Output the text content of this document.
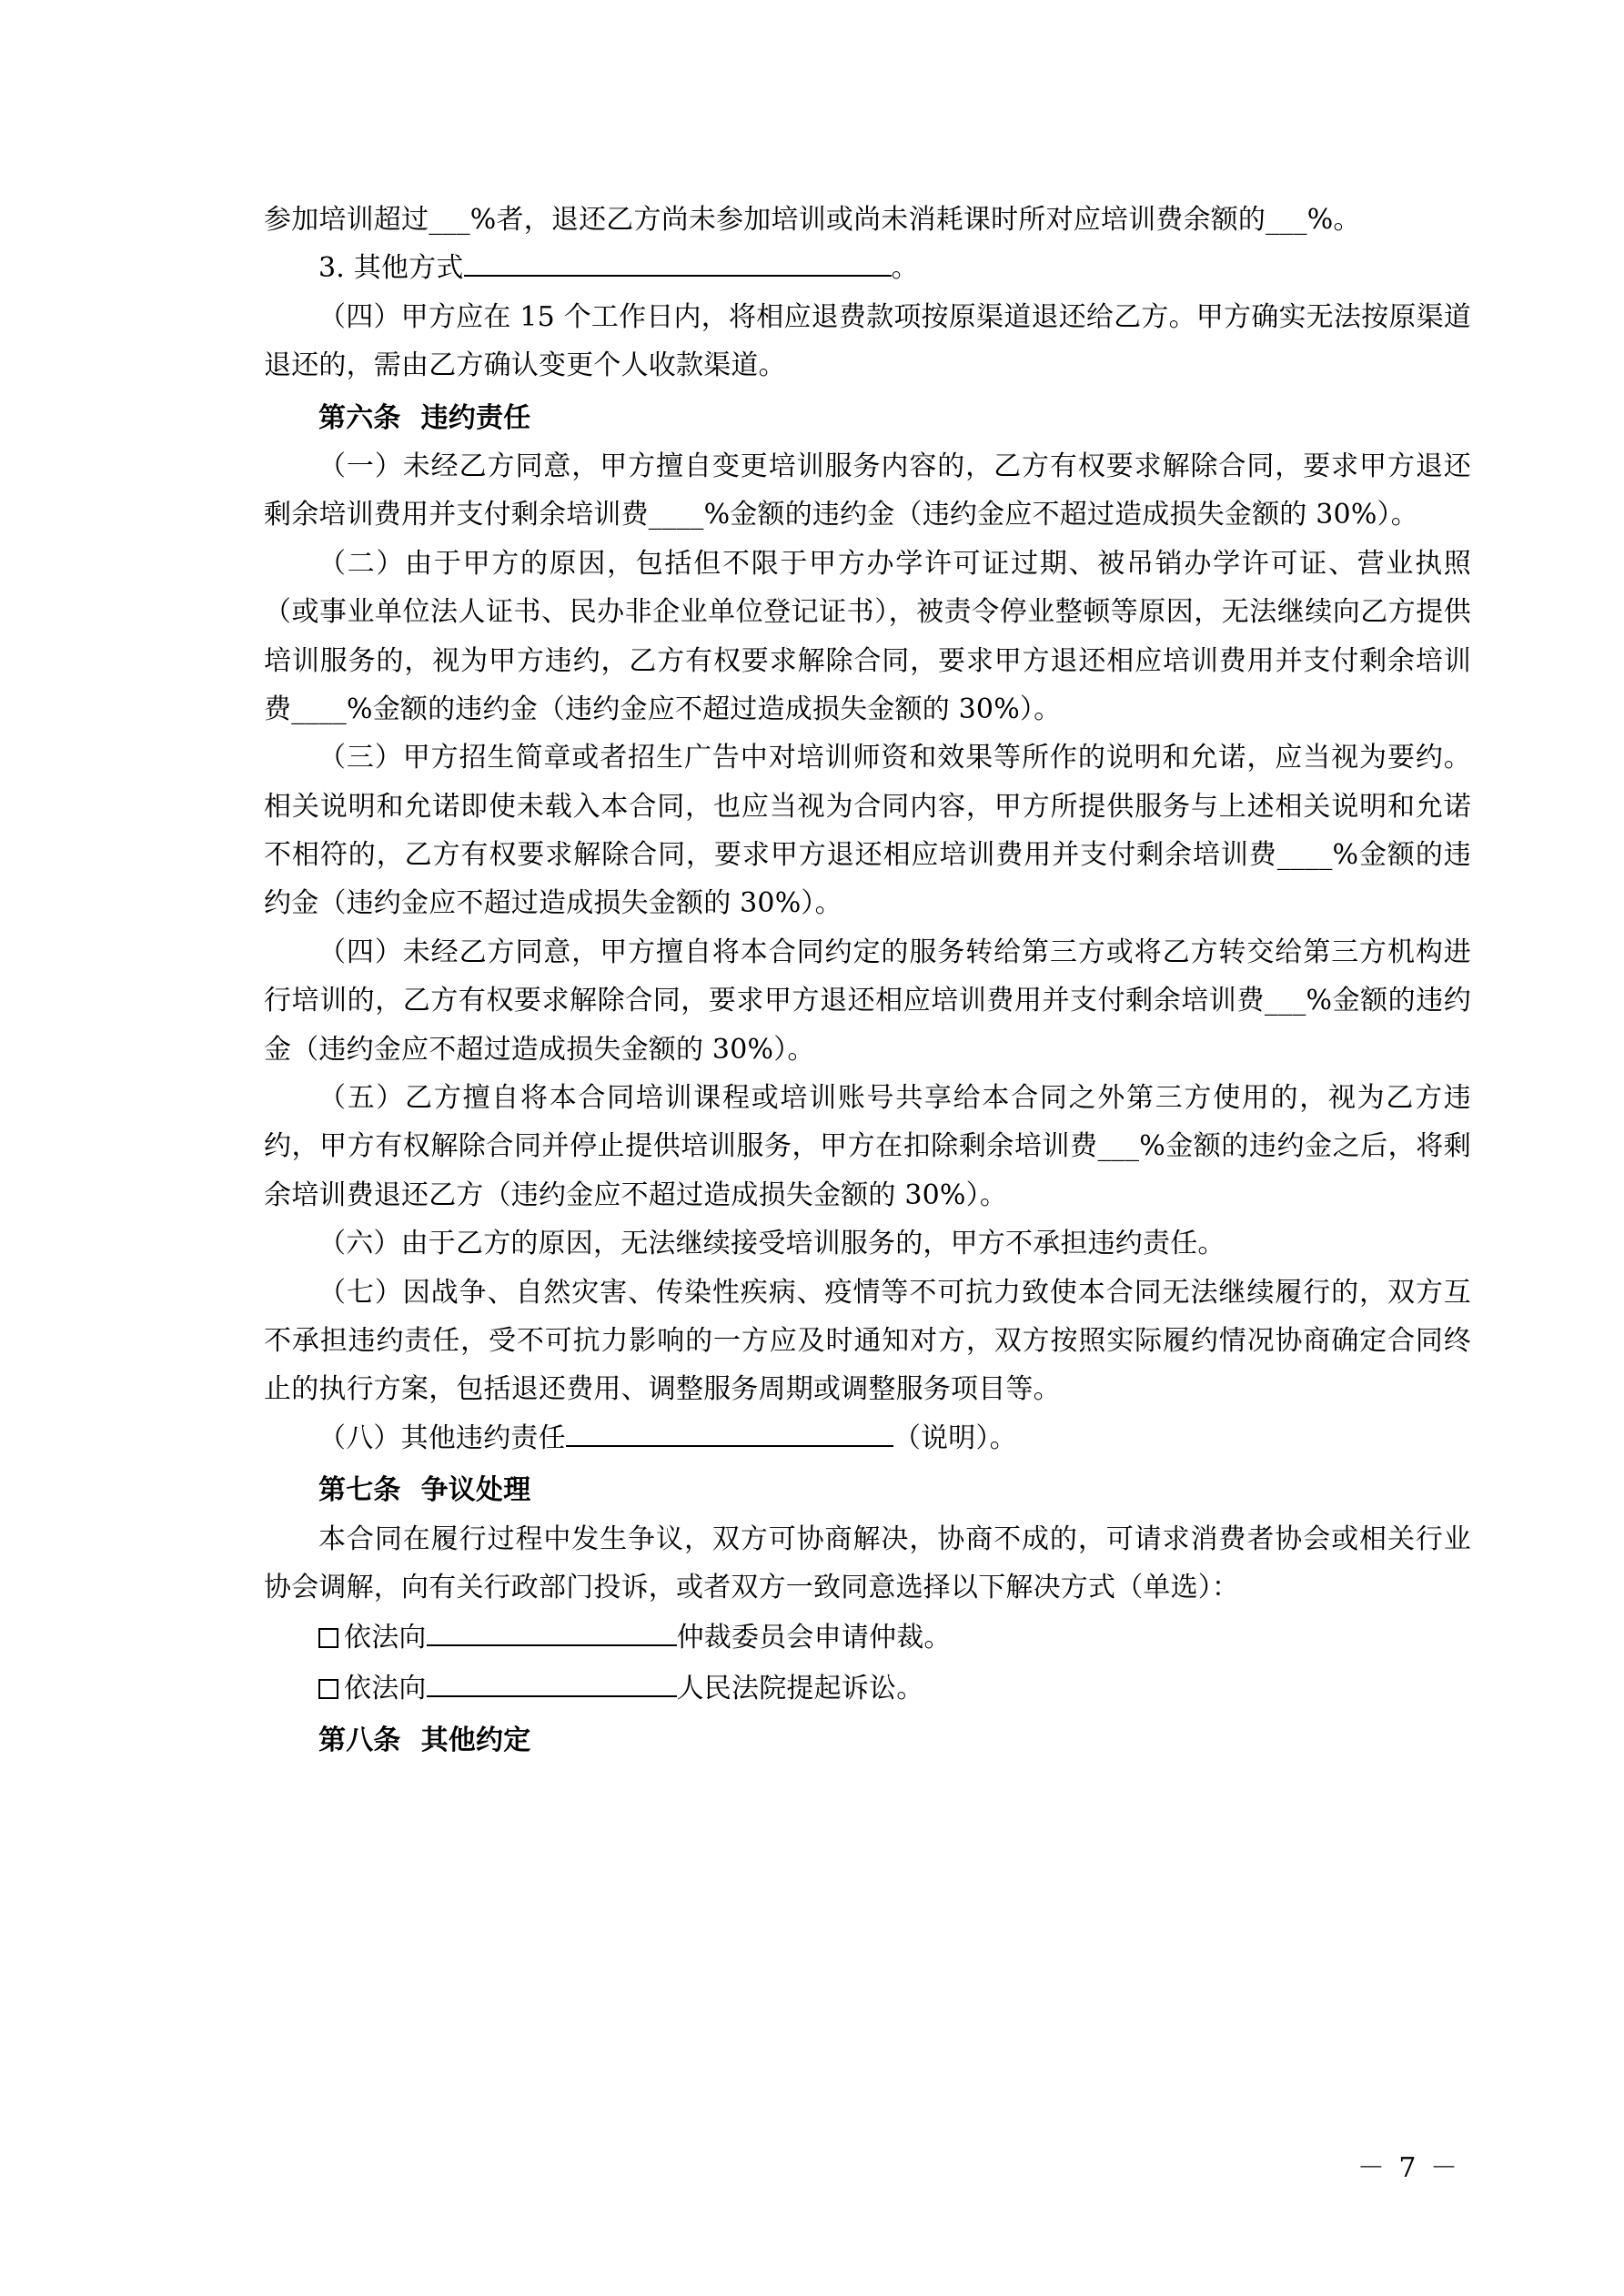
参加培训超过___%者，退还乙方尚未参加培训或尚未消耗课时所对应培训费余额的___%。

3. 其他方式	。

（四）甲方应在 15 个工作日内，将相应退费款项按原渠道退还给乙方。甲方确实无法按原渠道退还的，需由乙方确认变更个人收款渠道。

第六条 违约责任

（一）未经乙方同意，甲方擅自变更培训服务内容的，乙方有权要求解除合同，要求甲方退还剩余培训费用并支付剩余培训费____%金额的违约金（违约金应不超过造成损失金额的 30%）。

（二）由于甲方的原因，包括但不限于甲方办学许可证过期、被吊销办学许可证、营业执照（或事业单位法人证书、民办非企业单位登记证书），被责令停业整顿等原因，无法继续向乙方提供培训服务的，视为甲方违约，乙方有权要求解除合同，要求甲方退还相应培训费用并支付剩余培训费____%金额的违约金（违约金应不超过造成损失金额的 30%）。

（三）甲方招生简章或者招生广告中对培训师资和效果等所作的说明和允诺，应当视为要约。相关说明和允诺即使未载入本合同，也应当视为合同内容，甲方所提供服务与上述相关说明和允诺不相符的，乙方有权要求解除合同，要求甲方退还相应培训费用并支付剩余培训费____%金额的违约金（违约金应不超过造成损失金额的 30%）。

（四）未经乙方同意，甲方擅自将本合同约定的服务转给第三方或将乙方转交给第三方机构进行培训的，乙方有权要求解除合同，要求甲方退还相应培训费用并支付剩余培训费___%金额的违约金（违约金应不超过造成损失金额的 30%）。

（五）乙方擅自将本合同培训课程或培训账号共享给本合同之外第三方使用的，视为乙方违约，甲方有权解除合同并停止提供培训服务，甲方在扣除剩余培训费___%金额的违约金之后，将剩余培训费退还乙方（违约金应不超过造成损失金额的 30%）。

（六）由于乙方的原因，无法继续接受培训服务的，甲方不承担违约责任。

（七）因战争、自然灾害、传染性疾病、疫情等不可抗力致使本合同无法继续履行的，双方互不承担违约责任，受不可抗力影响的一方应及时通知对方，双方按照实际履约情况协商确定合同终止的执行方案，包括退还费用、调整服务周期或调整服务项目等。

（八）其他违约责任	（说明）。

第七条 争议处理

本合同在履行过程中发生争议，双方可协商解决，协商不成的，可请求消费者协会或相关行业协会调解，向有关行政部门投诉，或者双方一致同意选择以下解决方式（单选）：

依法向	仲裁委员会申请仲裁。

依法向	人民法院提起诉讼。

第八条 其他约定

－ 7 －
